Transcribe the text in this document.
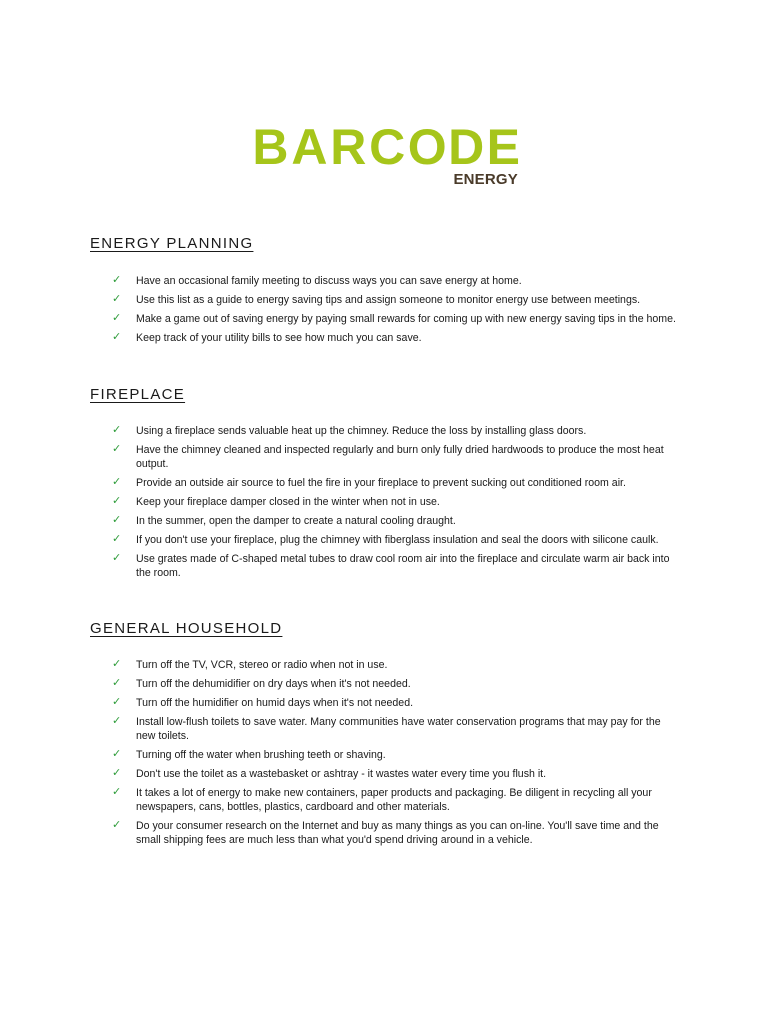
B A R C O D E
ENERGY
ENERGY PLANNING
✓ Have an occasional family meeting to discuss ways you can save energy at home.
✓ Use this list as a guide to energy saving tips and assign someone to monitor energy use between meetings.
✓ Make a game out of saving energy by paying small rewards for coming up with new energy saving tips in the home.
✓ Keep track of your utility bills to see how much you can save.
FIREPLACE
✓ Using a fireplace sends valuable heat up the chimney. Reduce the loss by installing glass doors.
✓ Have the chimney cleaned and inspected regularly and burn only fully dried hardwoods to produce the most heat output.
✓ Provide an outside air source to fuel the fire in your fireplace to prevent sucking out conditioned room air.
✓ Keep your fireplace damper closed in the winter when not in use.
✓ In the summer, open the damper to create a natural cooling draught.
✓ If you don't use your fireplace, plug the chimney with fiberglass insulation and seal the doors with silicone caulk.
✓ Use grates made of C-shaped metal tubes to draw cool room air into the fireplace and circulate warm air back into the room.
GENERAL HOUSEHOLD
✓ Turn off the TV, VCR, stereo or radio when not in use.
✓ Turn off the dehumidifier on dry days when it's not needed.
✓ Turn off the humidifier on humid days when it's not needed.
✓ Install low-flush toilets to save water. Many communities have water conservation programs that may pay for the new toilets.
✓ Turning off the water when brushing teeth or shaving.
✓ Don't use the toilet as a wastebasket or ashtray - it wastes water every time you flush it.
✓ It takes a lot of energy to make new containers, paper products and packaging. Be diligent in recycling all your newspapers, cans, bottles, plastics, cardboard and other materials.
✓ Do your consumer research on the Internet and buy as many things as you can on-line. You'll save time and the small shipping fees are much less than what you'd spend driving around in a vehicle.
